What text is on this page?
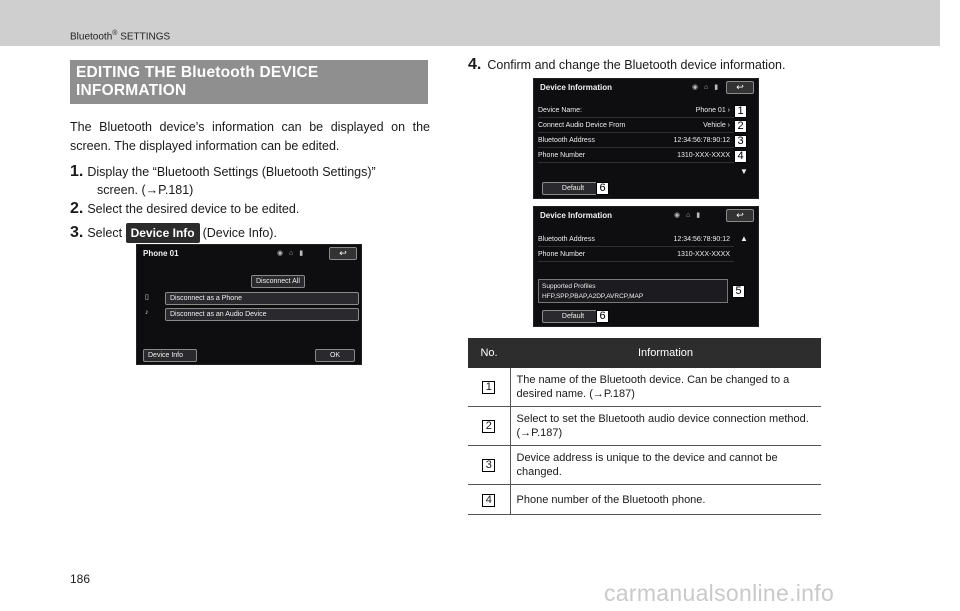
Bluetooth® SETTINGS
EDITING THE Bluetooth DEVICE
INFORMATION
The Bluetooth device’s information can be displayed on the screen. The displayed information can be edited.
1. Display the “Bluetooth Settings (Bluetooth Settings)”
screen. (→P.181)
2. Select the desired device to be edited.
3. Select Device Info (Device Info).
Phone 01	◉ ⌂ ▮	↩
Disconnect All
Disconnect as a Phone
▯
Disconnect as an Audio Device
♪
Device Info	OK
4. Confirm and change the Bluetooth device information.
Device Information	◉ ⌂ ▮	↩
Device Name:	Phone 01 ›
Connect Audio Device From	Vehicle ›
Bluetooth Address	12:34:56:78:90:12
Phone Number	1310-XXX-XXXX
▼
Default
1
2
3
4
6
Device Information	◉ ⌂ ▮	↩
▲
Bluetooth Address	12:34:56:78:90:12
Phone Number	1310-XXX-XXXX
Supported Profiles
HFP,SPP,PBAP,A2DP,AVRCP,MAP
Default
5
6
No.	Information
1	The name of the Bluetooth device. Can be changed to a desired name. (→P.187)
2	Select to set the Bluetooth audio device connection method. (→P.187)
3	Device address is unique to the device and cannot be changed.
4	Phone number of the Bluetooth phone.
186
carmanualsonline.info
